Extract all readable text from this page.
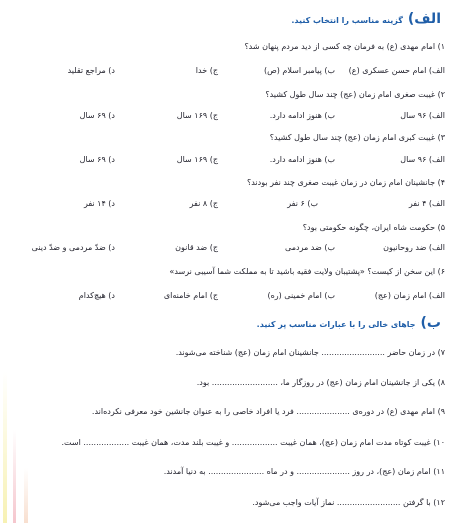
الف)گزینه مناسب را انتخاب کنید.
۱) امام مهدی (ع) به فرمان چه کسی از دید مردم پنهان شد؟
الف) امام حسن عسکری (ع)
ب) پیامبر اسلام (ص)
ج) خدا
د) مراجع تقلید
۲) غیبت صغری امام زمان (عج) چند سال طول کشید؟
الف) ۹۶ سال
ب) هنوز ادامه دارد.
ج) ۱۶۹ سال
د) ۶۹ سال
۳) غیبت کبری امام زمان (عج) چند سال طول کشید؟
الف) ۹۶ سال
ب) هنوز ادامه دارد.
ج) ۱۶۹ سال
د) ۶۹ سال
۴) جانشینان امام زمان در زمان غیبت صغری چند نفر بودند؟
الف) ۴ نفر
ب) ۶ نفر
ج) ۸ نفر
د) ۱۴ نفر
۵) حکومت شاه ایران، چگونه حکومتی بود؟
الف) ضد روحانیون
ب) ضد مردمی
ج) ضد قانون
د) ضدّ مردمی و ضدّ دینی
۶) این سخن از کیست؟ «پشتیبان ولایت فقیه باشید تا به مملکت شما آسیبی نرسد»
الف) امام زمان (عج)
ب) امام خمینی (ره)
ج) امام خامنه‌ای
د) هیچ‌کدام
ب)جاهای خالی را با عبارات مناسب پر کنید.
۷) در زمان حاضر ......................... جانشینان امام زمان (عج) شناخته می‌شوند.
۸) یکی از جانشینان امام زمان (عج) در روزگار ما، .......................... بود.
۹) امام مهدی (ع) در دوره‌ی ..................... فرد یا افراد خاصی را به عنوان جانشین خود معرفی نکرده‌اند.
۱۰) غیبت کوتاه مدت امام زمان (عج)، همان غیبت .................. و غیبت بلند مدت، همان غیبت .................. است.
۱۱) امام زمان (عج)، در روز ..................... و در ماه ...................... به دنیا آمدند.
۱۲) با گرفتن ......................... نماز آیات واجب می‌شود.
